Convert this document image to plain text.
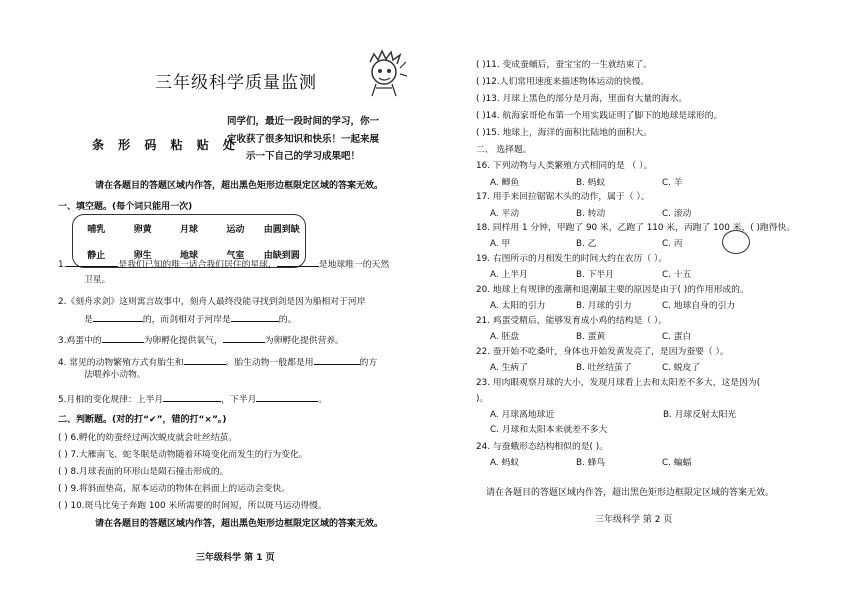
三年级科学质量监测
条 形 码 粘 贴 处
同学们，最近一段时间的学习，你一
定收获了很多知识和快乐！一起来展
示一下自己的学习成果吧！
请在各题目的答题区域内作答，超出黑色矩形边框限定区域的答案无效。
一、填空题。(每个词只能用一次)
哺乳	卵黄	月球	运动	由圆到缺
静止	卵生	地球	气室	由缺到圆
1.	是我们已知的唯一适合我们居住的星球，	是地球唯一的天然
卫星。
2.《刻舟求剑》这则寓言故事中，刻舟人最终没能寻找到剑是因为船相对于河岸
是	的，而剑相对于河岸是	的。
3.鸡蛋中的	为卵孵化提供氧气，	为卵孵化提供营养。
4. 常见的动物繁殖方式有胎生和	。胎生动物一般都是用	的方
法喂养小动物。
5.月相的变化规律：上半月	，下半月	。
二、判断题。(对的打“✔”，错的打“×”。)
( ) 6.孵化的幼蚕经过两次蜕皮就会吐丝结茧。
( ) 7.大雁南飞、蛇冬眠是动物随着环境变化而发生的行为变化。
( ) 8.月球表面的环形山是陨石撞击形成的。
( ) 9.将斜面垫高，原本运动的物体在斜面上的运动会变快。
( ) 10.斑马比兔子奔跑 100 米所需要的时间短，所以斑马运动得慢。
请在各题目的答题区域内作答，超出黑色矩形边框限定区域的答案无效。
三年级科学 第 1 页
( )11. 变成蚕蛹后，蚕宝宝的一生就结束了。
( )12.人们常用速度来描述物体运动的快慢。
( )13. 月球上黑色的部分是月海，里面有大量的海水。
( )14. 航海家哥伦布第一个用实践证明了脚下的地球是球形的。
( )15. 地球上，海洋的面积比陆地的面积大。
二、 选择题。
16. 下列动物与人类繁殖方式相同的是 （ ）。
A. 鲫鱼	B. 蚂蚁	C. 羊
17. 用手来回拉锯锯木头的动作，属于（ ）。
A. 平动	B. 转动	C. 滚动
18. 同样用 1 分钟，甲跑了 90 米，乙跑了 110 米，丙跑了 100 米，( )跑得快。
A. 甲	B. 乙	C. 丙
19. 右图所示的月相发生的时间大约在农历（ ）。
A. 上半月	B. 下半月	C. 十五
20. 地球上有规律的涨潮和退潮最主要的原因是由于( )的作用形成的。
A. 太阳的引力	B. 月球的引力	C. 地球自身的引力
21. 鸡蛋受精后，能够发育成小鸡的结构是（ ）。
A. 胚盘	B. 蛋黄	C. 蛋白
22. 蚕开始不吃桑叶，身体也开始发黄发亮了，是因为蚕要（ ）。
A. 生病了	B. 吐丝结茧了	C. 蜕皮了
23. 用肉眼观察月球的大小，发现月球看上去和太阳差不多大，这是因为(
)。
A. 月球离地球近	B. 月球反射太阳光
C. 月球和太阳本来就差不多大
24. 与蚕蛾形态结构相似的是( )。
A. 蚂蚁	B. 蜂鸟	C. 蝙蝠
请在各题目的答题区域内作答，超出黑色矩形边框限定区域的答案无效。
三年级科学 第 2 页
